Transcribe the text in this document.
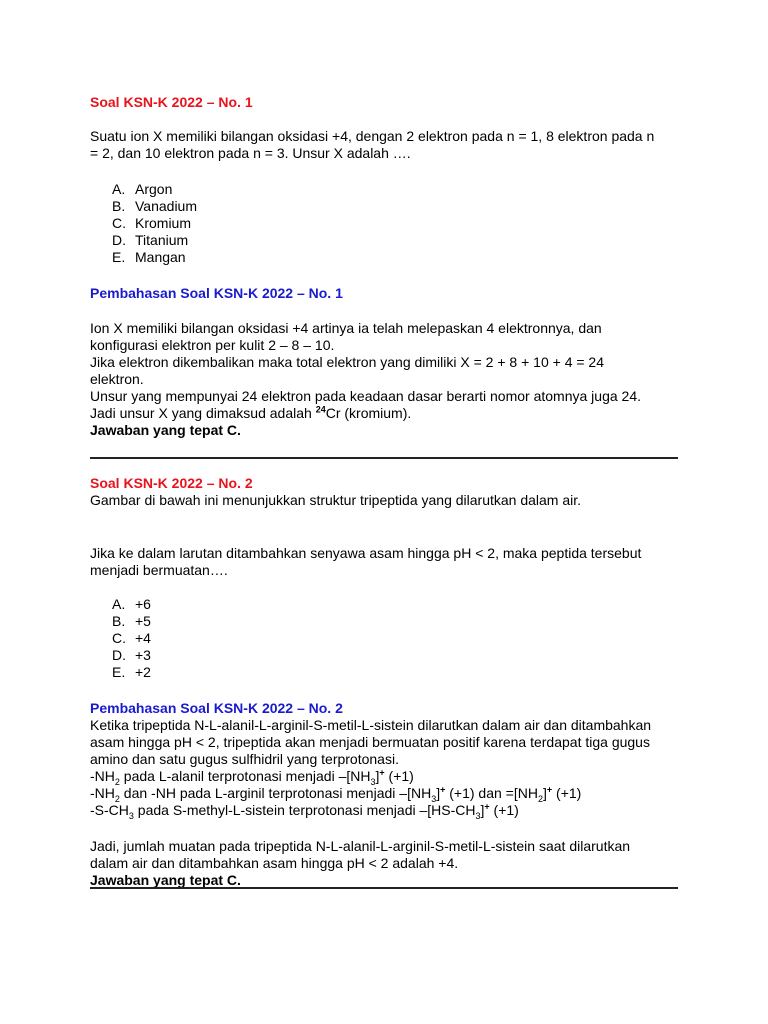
Soal KSN-K 2022 – No. 1

Suatu ion X memiliki bilangan oksidasi +4, dengan 2 elektron pada n = 1, 8 elektron pada n

= 2, dan 10 elektron pada n = 3. Unsur X adalah ….

A. Argon
B. Vanadium
C. Kromium
D. Titanium
E. Mangan

Pembahasan Soal KSN-K 2022 – No. 1

Ion X memiliki bilangan oksidasi +4 artinya ia telah melepaskan 4 elektronnya, dan

konfigurasi elektron per kulit 2 – 8 – 10.

Jika elektron dikembalikan maka total elektron yang dimiliki X = 2 + 8 + 10 + 4 = 24

elektron.

Unsur yang mempunyai 24 elektron pada keadaan dasar berarti nomor atomnya juga 24.

Jadi unsur X yang dimaksud adalah $^{24}$Cr (kromium).

Jawaban yang tepat C.

Soal KSN-K 2022 – No. 2

Gambar di bawah ini menunjukkan struktur tripeptida yang dilarutkan dalam air.

Jika ke dalam larutan ditambahkan senyawa asam hingga pH < 2, maka peptida tersebut

menjadi bermuatan….

A. +6
B. +5
C. +4
D. +3
E. +2

Pembahasan Soal KSN-K 2022 – No. 2

Ketika tripeptida N-L-alanil-L-arginil-S-metil-L-sistein dilarutkan dalam air dan ditambahkan

asam hingga pH < 2, tripeptida akan menjadi bermuatan positif karena terdapat tiga gugus

amino dan satu gugus sulfhidril yang terprotonasi.

$-NH_2$ pada L-alanil terprotonasi menjadi $-[NH_3]^+$ (+1)

$-NH_2$ dan -NH pada L-arginil terprotonasi menjadi $-[NH_3]^+$ (+1) dan $=[NH_2]^+$ (+1)

$-S-CH_3$ pada S-methyl-L-sistein terprotonasi menjadi $-[HS-CH_3]^+$ (+1)

Jadi, jumlah muatan pada tripeptida N-L-alanil-L-arginil-S-metil-L-sistein saat dilarutkan

dalam air dan ditambahkan asam hingga pH < 2 adalah +4.

Jawaban yang tepat C.
